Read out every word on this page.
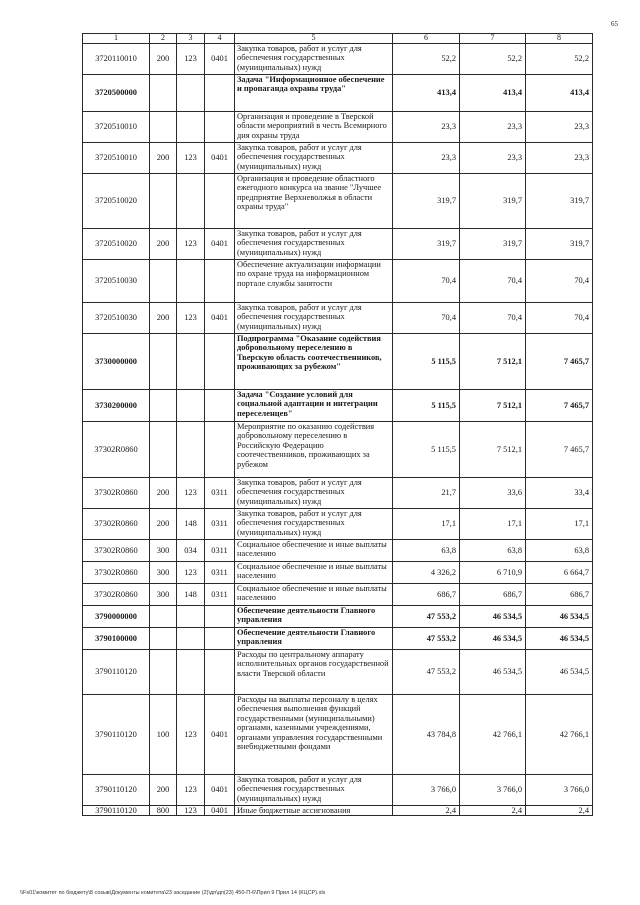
65
1	2	3	4	5	6	7	8
3720110010	200	123	0401	Закупка товаров, работ и услуг для обеспечения государственных (муниципальных) нужд	52,2	52,2	52,2
3720500000				Задача "Информационное обеспечение и пропаганда охраны труда"	413,4	413,4	413,4
3720510010				Организация и проведение в Тверской области мероприятий в честь Всемирного дня охраны труда	23,3	23,3	23,3
3720510010	200	123	0401	Закупка товаров, работ и услуг для обеспечения государственных (муниципальных) нужд	23,3	23,3	23,3
3720510020				Организация и проведение областного ежегодного конкурса на звание "Лучшее предприятие Верхневолжья в области охраны труда"	319,7	319,7	319,7
3720510020	200	123	0401	Закупка товаров, работ и услуг для обеспечения государственных (муниципальных) нужд	319,7	319,7	319,7
3720510030				Обеспечение актуализации информации по охране труда на информационном портале службы занятости	70,4	70,4	70,4
3720510030	200	123	0401	Закупка товаров, работ и услуг для обеспечения государственных (муниципальных) нужд	70,4	70,4	70,4
3730000000				Подпрограмма "Оказание содействия добровольному переселению в Тверскую область соотечественников, проживающих за рубежом"	5 115,5	7 512,1	7 465,7
3730200000				Задача "Создание условий для социальной адаптации и интеграции переселенцев"	5 115,5	7 512,1	7 465,7
37302R0860				Мероприятие по оказанию содействия добровольному переселению в Российскую Федерацию соотечественников, проживающих за рубежом	5 115,5	7 512,1	7 465,7
37302R0860	200	123	0311	Закупка товаров, работ и услуг для обеспечения государственных (муниципальных) нужд	21,7	33,6	33,4
37302R0860	200	148	0311	Закупка товаров, работ и услуг для обеспечения государственных (муниципальных) нужд	17,1	17,1	17,1
37302R0860	300	034	0311	Социальное обеспечение и иные выплаты населению	63,8	63,8	63,8
37302R0860	300	123	0311	Социальное обеспечение и иные выплаты населению	4 326,2	6 710,9	6 664,7
37302R0860	300	148	0311	Социальное обеспечение и иные выплаты населению	686,7	686,7	686,7
3790000000				Обеспечение деятельности Главного управления	47 553,2	46 534,5	46 534,5
3790100000				Обеспечение деятельности Главного управления	47 553,2	46 534,5	46 534,5
3790110120				Расходы по центральному аппарату исполнительных органов государственной власти Тверской области	47 553,2	46 534,5	46 534,5
3790110120	100	123	0401	Расходы на выплаты персоналу в целях обеспечения выполнения функций государственными (муниципальными) органами, казенными учреждениями, органами управления государственными внебюджетными фондами	43 784,8	42 766,1	42 766,1
3790110120	200	123	0401	Закупка товаров, работ и услуг для обеспечения государственных (муниципальных) нужд	3 766,0	3 766,0	3 766,0
3790110120	800	123	0401	Иные бюджетные ассигнования	2,4	2,4	2,4
\\Fs01\комитет по бюджету\8 созыв\Документы комитета\23 заседание (2)\дп\дп(23) 450-П-6\Прил 9 Прил 14 (КЦСР).xls
